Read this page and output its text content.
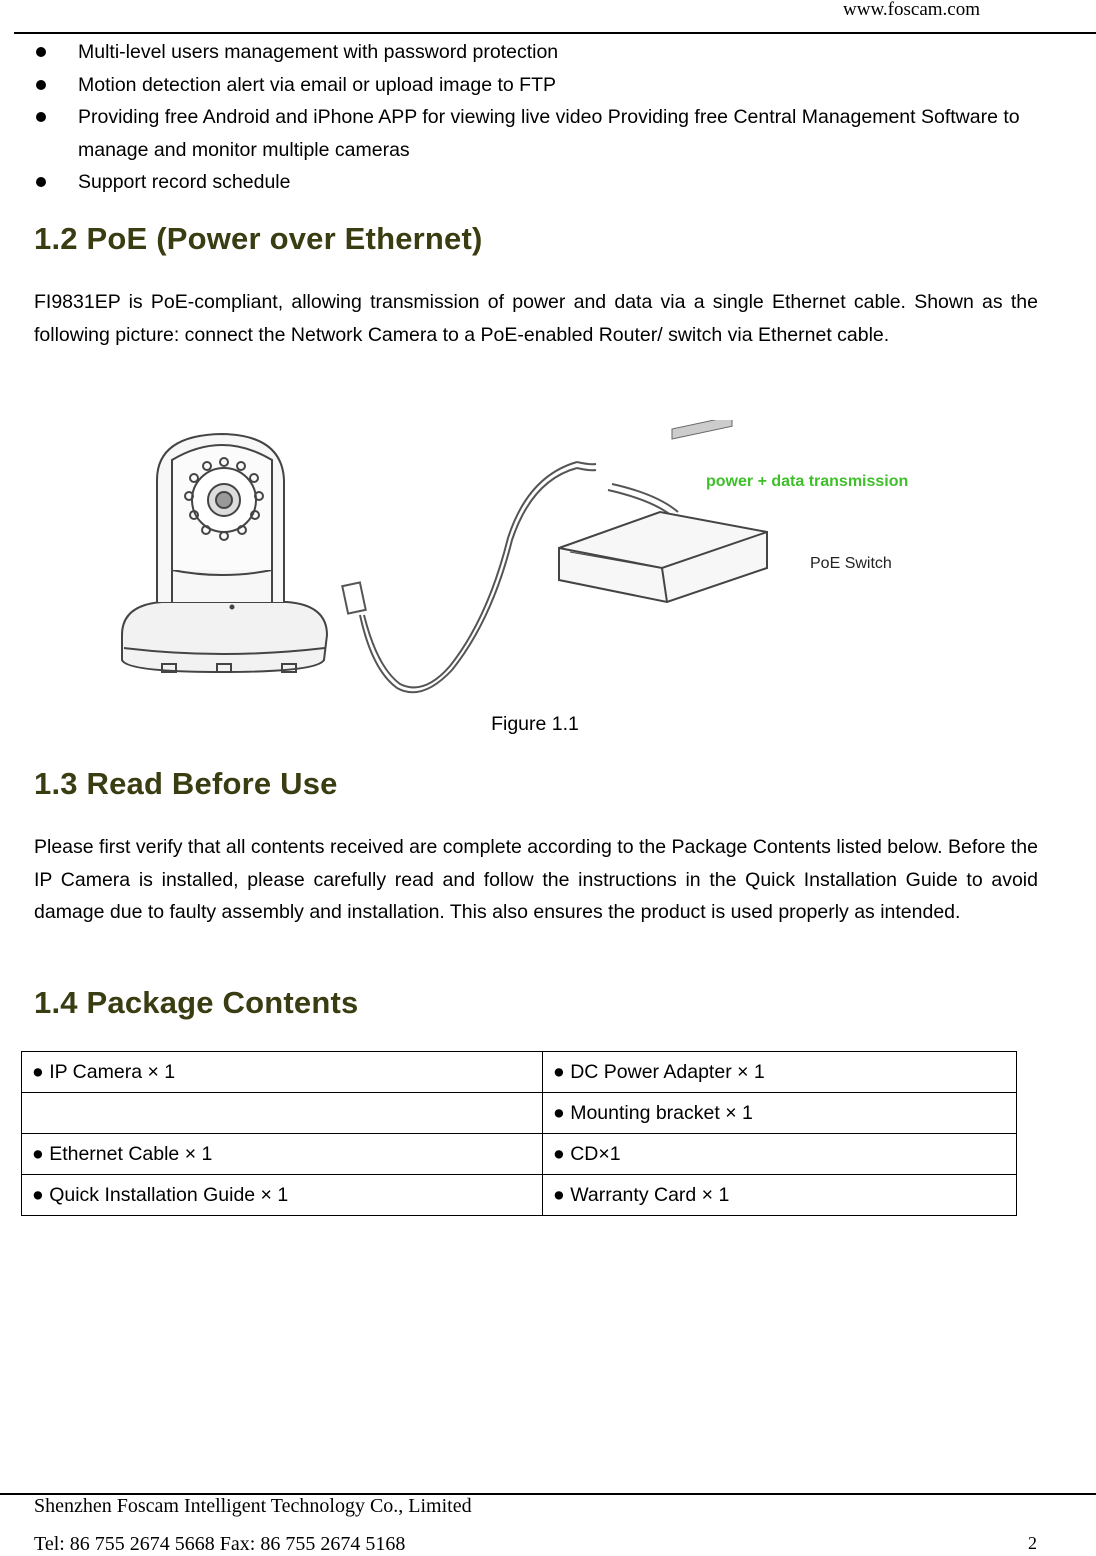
www.foscam.com
Multi-level users management with password protection
Motion detection alert via email or upload image to FTP
Providing free Android and iPhone APP for viewing live video Providing free Central Management Software to manage and monitor multiple cameras
Support record schedule
1.2 PoE (Power over Ethernet)

FI9831EP is PoE-compliant, allowing transmission of power and data via a single Ethernet cable. Shown as the following picture: connect the Network Camera to a PoE-enabled Router/ switch via Ethernet cable.

power + data transmission
PoE Switch
Figure 1.1
1.3 Read Before Use

Please first verify that all contents received are complete according to the Package Contents listed below. Before the IP Camera is installed, please carefully read and follow the instructions in the Quick Installation Guide to avoid damage due to faulty assembly and installation. This also ensures the product is used properly as intended.

1.4 Package Contents
● IP Camera × 1	● DC Power Adapter × 1
	● Mounting bracket × 1
● Ethernet Cable × 1	● CD×1
● Quick Installation Guide × 1	● Warranty Card × 1
Shenzhen Foscam Intelligent Technology Co., Limited
Tel: 86 755 2674 5668 Fax: 86 755 2674 5168	2
